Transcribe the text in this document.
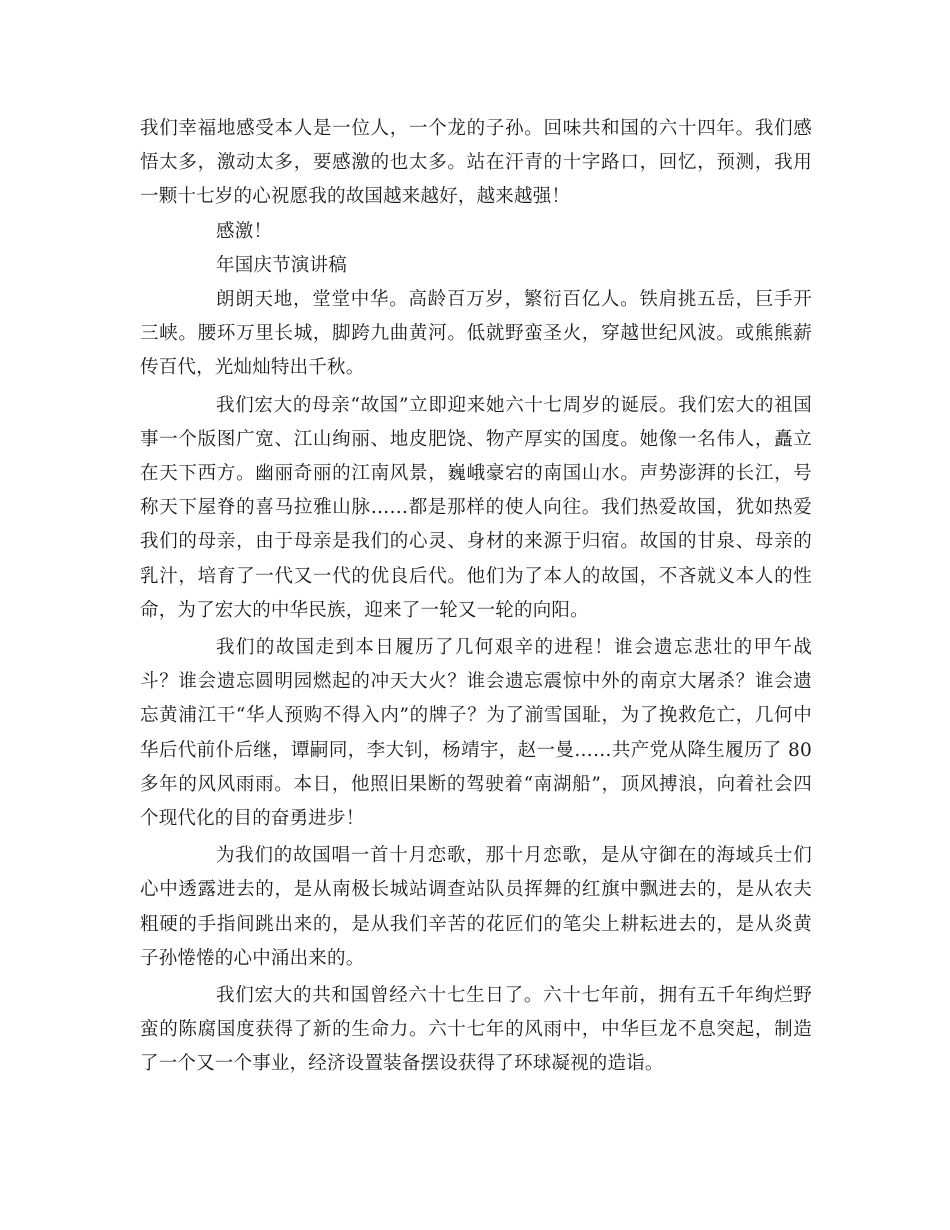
我们幸福地感受本人是一位人，一个龙的子孙。回味共和国的六十四年。我们感悟太多，激动太多，要感激的也太多。站在汗青的十字路口，回忆，预测，我用一颗十七岁的心祝愿我的故国越来越好，越来越强！

感激！

年国庆节演讲稿

朗朗天地，堂堂中华。高龄百万岁，繁衍百亿人。铁肩挑五岳，巨手开三峡。腰环万里长城，脚跨九曲黄河。低就野蛮圣火，穿越世纪风波。或熊熊薪传百代，光灿灿特出千秋。

我们宏大的母亲“故国”立即迎来她六十七周岁的诞辰。我们宏大的祖国事一个版图广宽、江山绚丽、地皮肥饶、物产厚实的国度。她像一名伟人，矗立在天下西方。幽丽奇丽的江南风景，巍峨豪宕的南国山水。声势澎湃的长江，号称天下屋脊的喜马拉雅山脉……都是那样的使人向往。我们热爱故国，犹如热爱我们的母亲，由于母亲是我们的心灵、身材的来源于归宿。故国的甘泉、母亲的乳汁，培育了一代又一代的优良后代。他们为了本人的故国，不吝就义本人的性命，为了宏大的中华民族，迎来了一轮又一轮的向阳。

我们的故国走到本日履历了几何艰辛的进程！谁会遗忘悲壮的甲午战斗？谁会遗忘圆明园燃起的冲天大火？谁会遗忘震惊中外的南京大屠杀？谁会遗忘黄浦江干“华人预购不得入内”的牌子？为了湔雪国耻，为了挽救危亡，几何中华后代前仆后继，谭嗣同，李大钊，杨靖宇，赵一曼……共产党从降生履历了 80 多年的风风雨雨。本日，他照旧果断的驾驶着“南湖船”，顶风搏浪，向着社会四个现代化的目的奋勇进步！

为我们的故国唱一首十月恋歌，那十月恋歌，是从守御在的海域兵士们心中透露进去的，是从南极长城站调查站队员挥舞的红旗中飘进去的，是从农夫粗硬的手指间跳出来的，是从我们辛苦的花匠们的笔尖上耕耘进去的，是从炎黄子孙惓惓的心中涌出来的。

我们宏大的共和国曾经六十七生日了。六十七年前，拥有五千年绚烂野蛮的陈腐国度获得了新的生命力。六十七年的风雨中，中华巨龙不息突起，制造了一个又一个事业，经济设置装备摆设获得了环球凝视的造诣。
